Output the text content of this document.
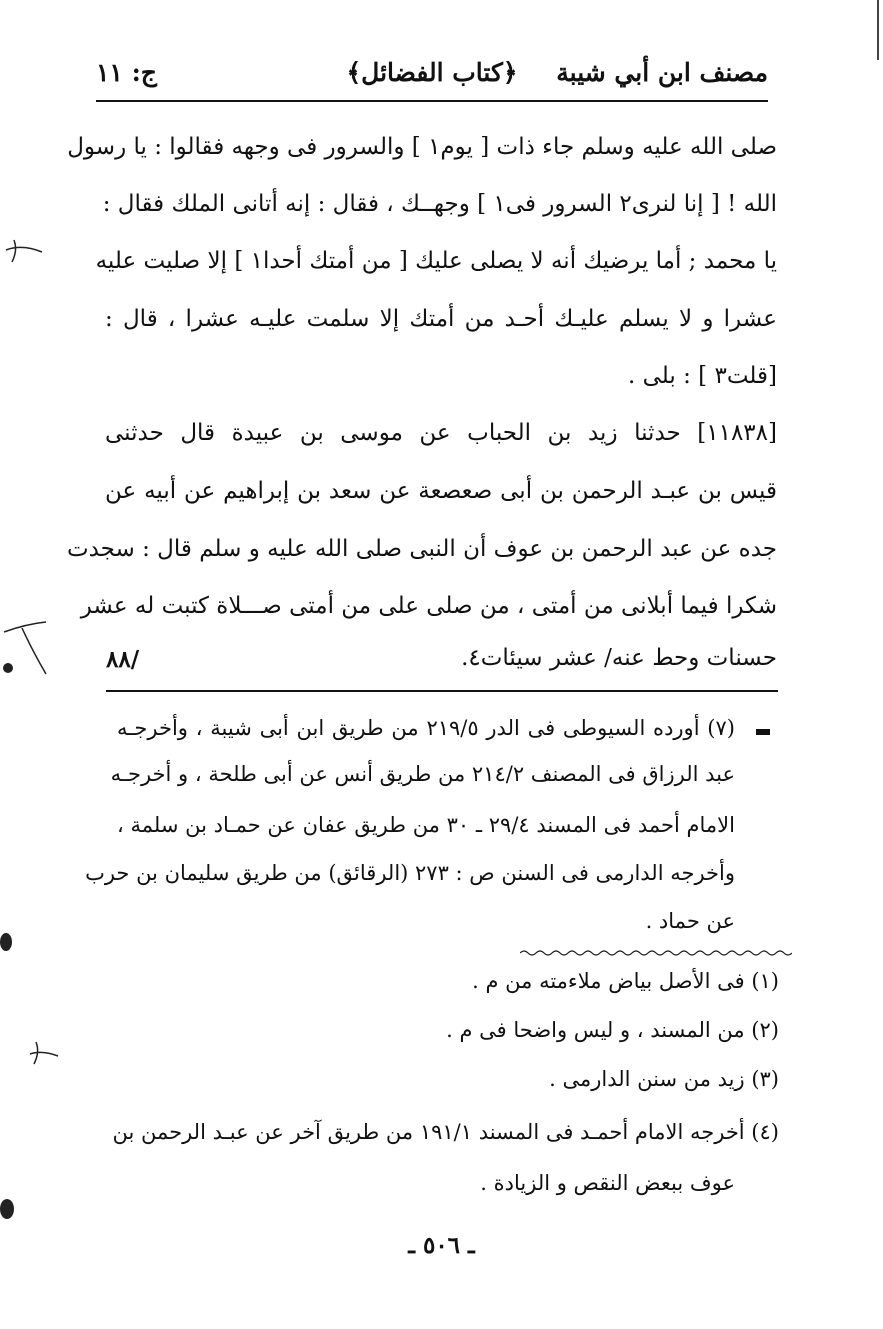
مصنف ابن أبي شيبة
﴿كتاب الفضائل﴾
ج: ١١
صلى الله عليه وسلم جاء ذات [ يوم١ ] والسرور فى وجهه فقالوا : يا رسول
الله ! [ إنا لنرى٢ السرور فى١ ] وجهــك ، فقال : إنه أتانى الملك فقال :
يا محمد ; أما يرضيك أنه لا يصلى عليك [ من أمتك أحدا١ ] إلا صليت عليه
عشرا و لا يسلم عليـك أحـد من أمتك إلا سلمت عليـه عشرا ، قال :
[قلت٣ ] : بلى .
[١١٨٣٨] حدثنا زيد بن الحباب عن موسى بن عبيدة قال حدثنى
قيس بن عبـد الرحمن بن أبى صعصعة عن سعد بن إبراهيم عن أبيه عن
جده عن عبد الرحمن بن عوف أن النبى صلى الله عليه و سلم قال : سجدت
شكرا فيما أبلانى من أمتى ، من صلى على من أمتى صـــلاة كتبت له عشر
حسنات وحط عنه/ عشر سيئات٤.
/٨٨
(٧) أورده السيوطى فى الدر ٢١٩/٥ من طريق ابن أبى شيبة ، وأخرجـه
عبد الرزاق فى المصنف ٢١٤/٢ من طريق أنس عن أبى طلحة ، و أخرجـه
الامام أحمد فى المسند ٢٩/٤ ـ ٣٠ من طريق عفان عن حمـاد بن سلمة ،
وأخرجه الدارمى فى السنن ص : ٢٧٣ (الرقائق) من طريق سليمان بن حرب
عن حماد .
(١) فى الأصل بياض ملاءمته من م .
(٢) من المسند ، و ليس واضحا فى م .
(٣) زيد من سنن الدارمى .
(٤) أخرجه الامام أحمـد فى المسند ١٩١/١ من طريق آخر عن عبـد الرحمن بن
عوف ببعض النقص و الزيادة .
ـ ٥٠٦ ـ
